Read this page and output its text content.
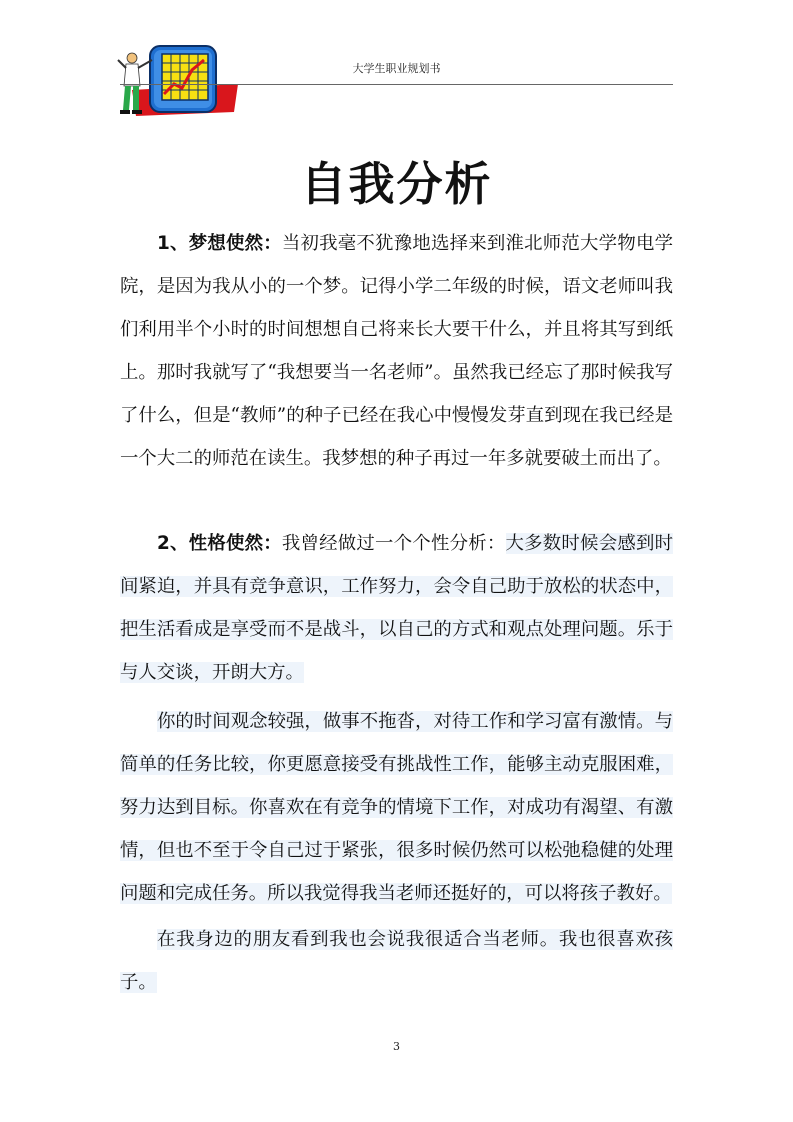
大学生职业规划书
自我分析

1、梦想使然：当初我毫不犹豫地选择来到淮北师范大学物电学院，是因为我从小的一个梦。记得小学二年级的时候，语文老师叫我们利用半个小时的时间想想自己将来长大要干什么，并且将其写到纸上。那时我就写了“我想要当一名老师”。虽然我已经忘了那时候我写了什么，但是“教师”的种子已经在我心中慢慢发芽直到现在我已经是一个大二的师范在读生。我梦想的种子再过一年多就要破土而出了。

2、性格使然：我曾经做过一个个性分析：大多数时候会感到时间紧迫，并具有竞争意识，工作努力，会令自己助于放松的状态中，把生活看成是享受而不是战斗，以自己的方式和观点处理问题。乐于与人交谈，开朗大方。

你的时间观念较强，做事不拖沓，对待工作和学习富有激情。与简单的任务比较，你更愿意接受有挑战性工作，能够主动克服困难，努力达到目标。你喜欢在有竞争的情境下工作，对成功有渴望、有激情，但也不至于令自己过于紧张，很多时候仍然可以松弛稳健的处理问题和完成任务。所以我觉得我当老师还挺好的，可以将孩子教好。

在我身边的朋友看到我也会说我很适合当老师。我也很喜欢孩子。

3
